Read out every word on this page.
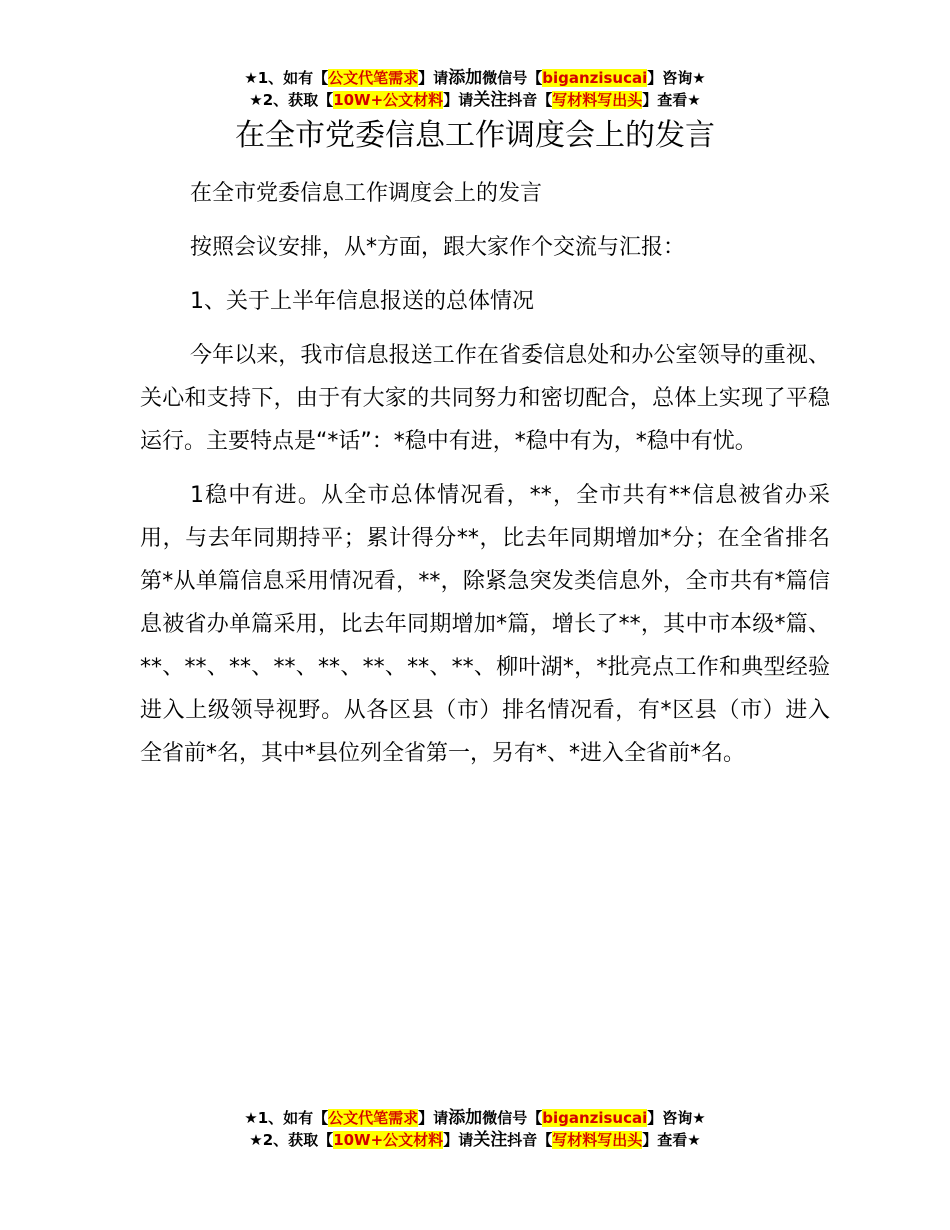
★1、如有【公文代笔需求】请添加微信号【biganzisucai】咨询★
★2、获取【10W+公文材料】请关注抖音【写材料写出头】查看★
在全市党委信息工作调度会上的发言

在全市党委信息工作调度会上的发言

按照会议安排，从*方面，跟大家作个交流与汇报：

1、关于上半年信息报送的总体情况

今年以来，我市信息报送工作在省委信息处和办公室领导的重视、关心和支持下，由于有大家的共同努力和密切配合，总体上实现了平稳运行。主要特点是“*话”：*稳中有进，*稳中有为，*稳中有忧。

1稳中有进。从全市总体情况看，**，全市共有**信息被省办采用，与去年同期持平；累计得分**，比去年同期增加*分；在全省排名第*从单篇信息采用情况看，**，除紧急突发类信息外，全市共有*篇信息被省办单篇采用，比去年同期增加*篇，增长了**，其中市本级*篇、**、**、**、**、**、**、**、**、柳叶湖*，*批亮点工作和典型经验进入上级领导视野。从各区县（市）排名情况看，有*区县（市）进入全省前*名，其中*县位列全省第一，另有*、*进入全省前*名。

★1、如有【公文代笔需求】请添加微信号【biganzisucai】咨询★
★2、获取【10W+公文材料】请关注抖音【写材料写出头】查看★
